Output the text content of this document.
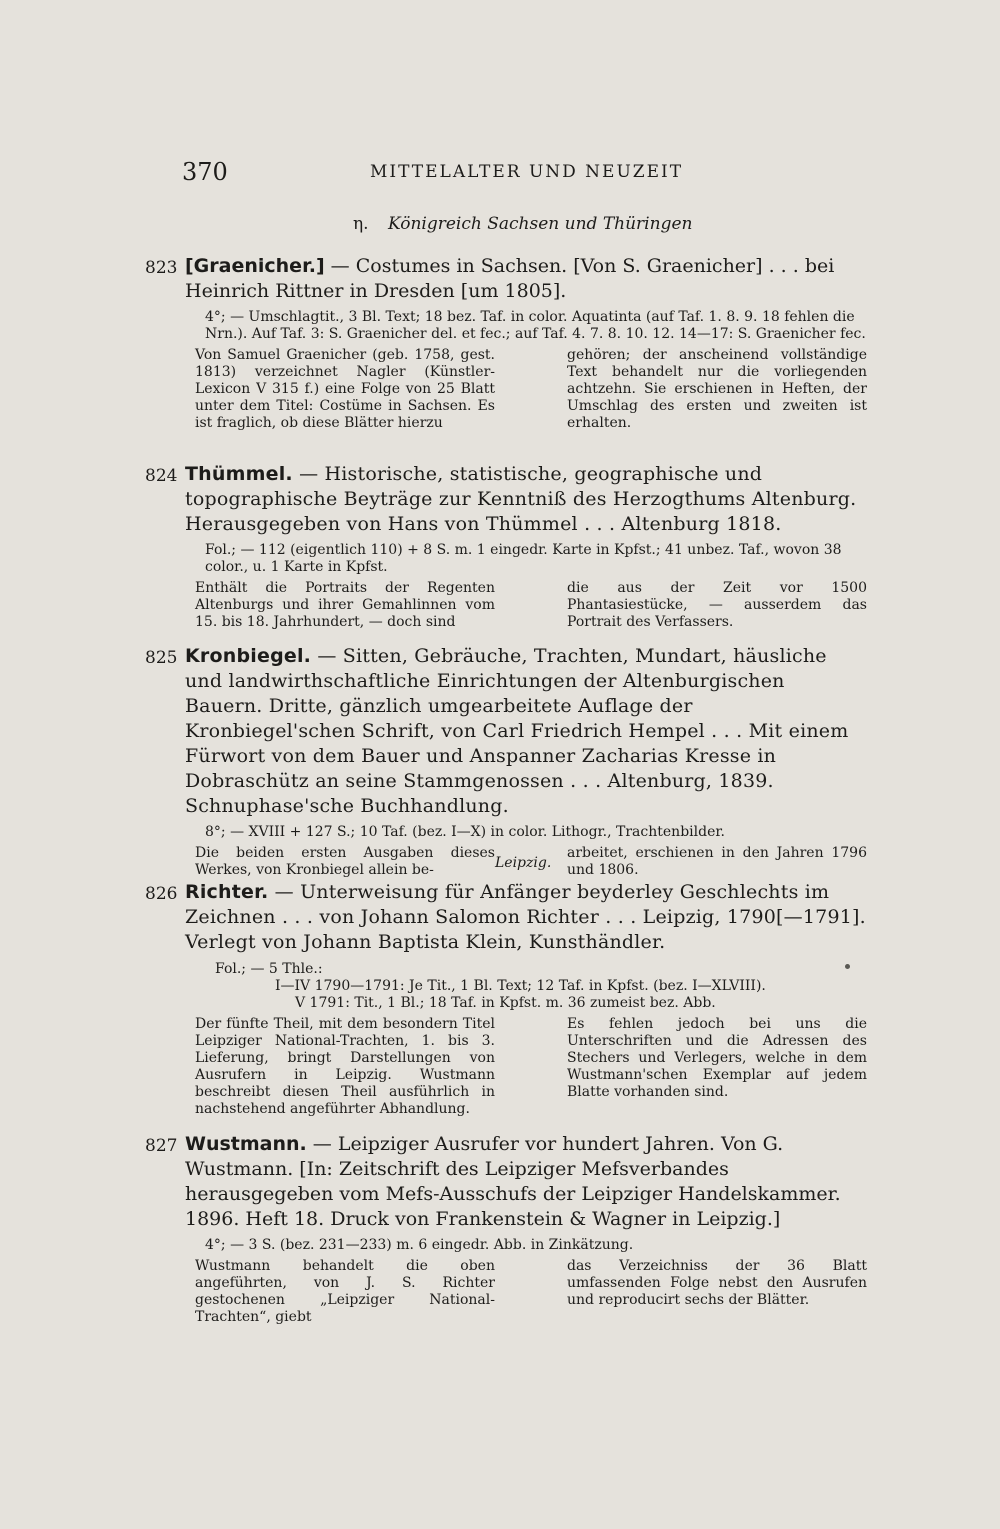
370	MITTELALTER UND NEUZEIT
η. Königreich Sachsen und Thüringen
823 [Graenicher.] — Costumes in Sachsen. [Von S. Graenicher] . . . bei Heinrich Rittner in Dresden [um 1805].
4°; — Umschlagtit., 3 Bl. Text; 18 bez. Taf. in color. Aquatinta (auf Taf. 1. 8. 9. 18 fehlen die Nrn.). Auf Taf. 3: S. Graenicher del. et fec.; auf Taf. 4. 7. 8. 10. 12. 14—17: S. Graenicher fec.
Von Samuel Graenicher (geb. 1758, gest. 1813) verzeichnet Nagler (Künstler-Lexicon V 315 f.) eine Folge von 25 Blatt unter dem Titel: Costüme in Sachsen. Es ist fraglich, ob diese Blätter hierzu
gehören; der anscheinend vollständige Text behandelt nur die vorliegenden achtzehn. Sie erschienen in Heften, der Umschlag des ersten und zweiten ist erhalten.
824 Thümmel. — Historische, statistische, geographische und topographische Beyträge zur Kenntniß des Herzogthums Altenburg. Herausgegeben von Hans von Thümmel . . . Altenburg 1818.
Fol.; — 112 (eigentlich 110) + 8 S. m. 1 eingedr. Karte in Kpfst.; 41 unbez. Taf., wovon 38 color., u. 1 Karte in Kpfst.
Enthält die Portraits der Regenten Altenburgs und ihrer Gemahlinnen vom 15. bis 18. Jahrhundert, — doch sind
die aus der Zeit vor 1500 Phantasiestücke, — ausserdem das Portrait des Verfassers.
825 Kronbiegel. — Sitten, Gebräuche, Trachten, Mundart, häusliche und landwirthschaftliche Einrichtungen der Altenburgischen Bauern. Dritte, gänzlich umgearbeitete Auflage der Kronbiegel'schen Schrift, von Carl Friedrich Hempel . . . Mit einem Fürwort von dem Bauer und Anspanner Zacharias Kresse in Dobraschütz an seine Stammgenossen . . . Altenburg, 1839. Schnuphase'sche Buchhandlung.
8°; — XVIII + 127 S.; 10 Taf. (bez. I—X) in color. Lithogr., Trachtenbilder.
Die beiden ersten Ausgaben dieses Werkes, von Kronbiegel allein be-
arbeitet, erschienen in den Jahren 1796 und 1806.
Leipzig.
826 Richter. — Unterweisung für Anfänger beyderley Geschlechts im Zeichnen . . . von Johann Salomon Richter . . . Leipzig, 1790[—1791]. Verlegt von Johann Baptista Klein, Kunsthändler.
Fol.; — 5 Thle.:
I—IV 1790—1791: Je Tit., 1 Bl. Text; 12 Taf. in Kpfst. (bez. I—XLVIII).
V 1791: Tit., 1 Bl.; 18 Taf. in Kpfst. m. 36 zumeist bez. Abb.
Der fünfte Theil, mit dem besondern Titel Leipziger National-Trachten, 1. bis 3. Lieferung, bringt Darstellungen von Ausrufern in Leipzig. Wustmann beschreibt diesen Theil ausführlich in nachstehend angeführter Abhandlung.
Es fehlen jedoch bei uns die Unterschriften und die Adressen des Stechers und Verlegers, welche in dem Wustmann'schen Exemplar auf jedem Blatte vorhanden sind.
827 Wustmann. — Leipziger Ausrufer vor hundert Jahren. Von G. Wustmann. [In: Zeitschrift des Leipziger Mefsverbandes herausgegeben vom Mefs-Ausschufs der Leipziger Handelskammer. 1896. Heft 18. Druck von Frankenstein & Wagner in Leipzig.]
4°; — 3 S. (bez. 231—233) m. 6 eingedr. Abb. in Zinkätzung.
Wustmann behandelt die oben angeführten, von J. S. Richter gestochenen „Leipziger National-Trachten“, giebt
das Verzeichniss der 36 Blatt umfassenden Folge nebst den Ausrufen und reproducirt sechs der Blätter.
